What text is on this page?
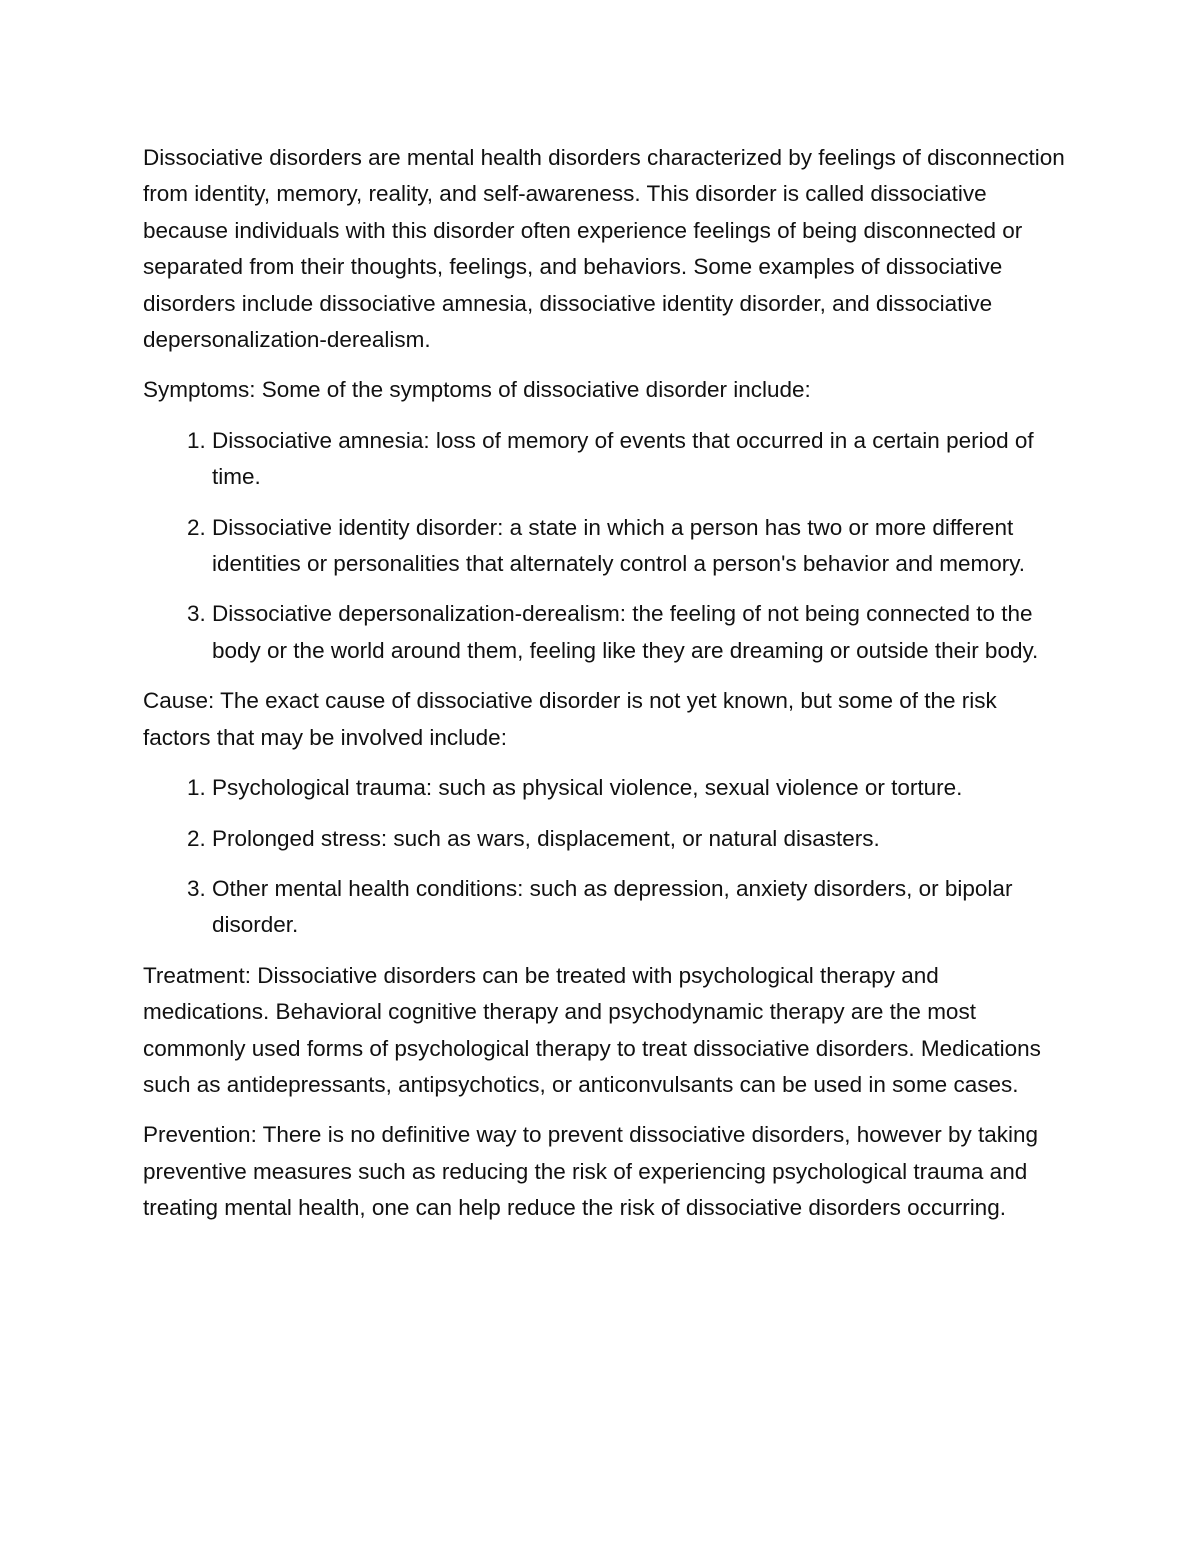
Dissociative disorders are mental health disorders characterized by feelings of disconnection from identity, memory, reality, and self-awareness. This disorder is called dissociative because individuals with this disorder often experience feelings of being disconnected or separated from their thoughts, feelings, and behaviors. Some examples of dissociative disorders include dissociative amnesia, dissociative identity disorder, and dissociative depersonalization-derealism.

Symptoms: Some of the symptoms of dissociative disorder include:

1. Dissociative amnesia: loss of memory of events that occurred in a certain period of time.
2. Dissociative identity disorder: a state in which a person has two or more different identities or personalities that alternately control a person's behavior and memory.
3. Dissociative depersonalization-derealism: the feeling of not being connected to the body or the world around them, feeling like they are dreaming or outside their body.

Cause: The exact cause of dissociative disorder is not yet known, but some of the risk factors that may be involved include:

1. Psychological trauma: such as physical violence, sexual violence or torture.
2. Prolonged stress: such as wars, displacement, or natural disasters.
3. Other mental health conditions: such as depression, anxiety disorders, or bipolar disorder.

Treatment: Dissociative disorders can be treated with psychological therapy and medications. Behavioral cognitive therapy and psychodynamic therapy are the most commonly used forms of psychological therapy to treat dissociative disorders. Medications such as antidepressants, antipsychotics, or anticonvulsants can be used in some cases.

Prevention: There is no definitive way to prevent dissociative disorders, however by taking preventive measures such as reducing the risk of experiencing psychological trauma and treating mental health, one can help reduce the risk of dissociative disorders occurring.
